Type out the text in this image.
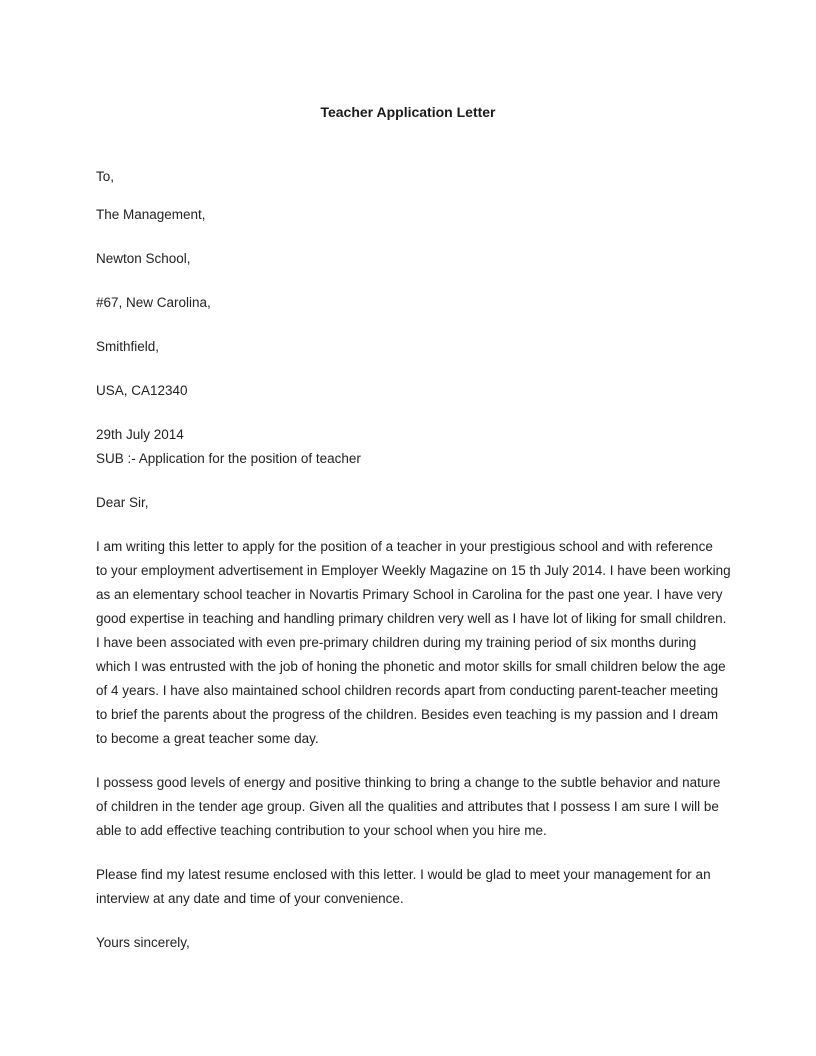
Teacher Application Letter
To,
The Management,
Newton School,
#67, New Carolina,
Smithfield,
USA, CA12340
29th July 2014
SUB :- Application for the position of teacher
Dear Sir,
I am writing this letter to apply for the position of a teacher in your prestigious school and with reference
to your employment advertisement in Employer Weekly Magazine on 15 th July 2014. I have been working
as an elementary school teacher in Novartis Primary School in Carolina for the past one year. I have very
good expertise in teaching and handling primary children very well as I have lot of liking for small children.
I have been associated with even pre-primary children during my training period of six months during
which I was entrusted with the job of honing the phonetic and motor skills for small children below the age
of 4 years. I have also maintained school children records apart from conducting parent-teacher meeting
to brief the parents about the progress of the children. Besides even teaching is my passion and I dream
to become a great teacher some day.
I possess good levels of energy and positive thinking to bring a change to the subtle behavior and nature
of children in the tender age group. Given all the qualities and attributes that I possess I am sure I will be
able to add effective teaching contribution to your school when you hire me.
Please find my latest resume enclosed with this letter. I would be glad to meet your management for an
interview at any date and time of your convenience.
Yours sincerely,
